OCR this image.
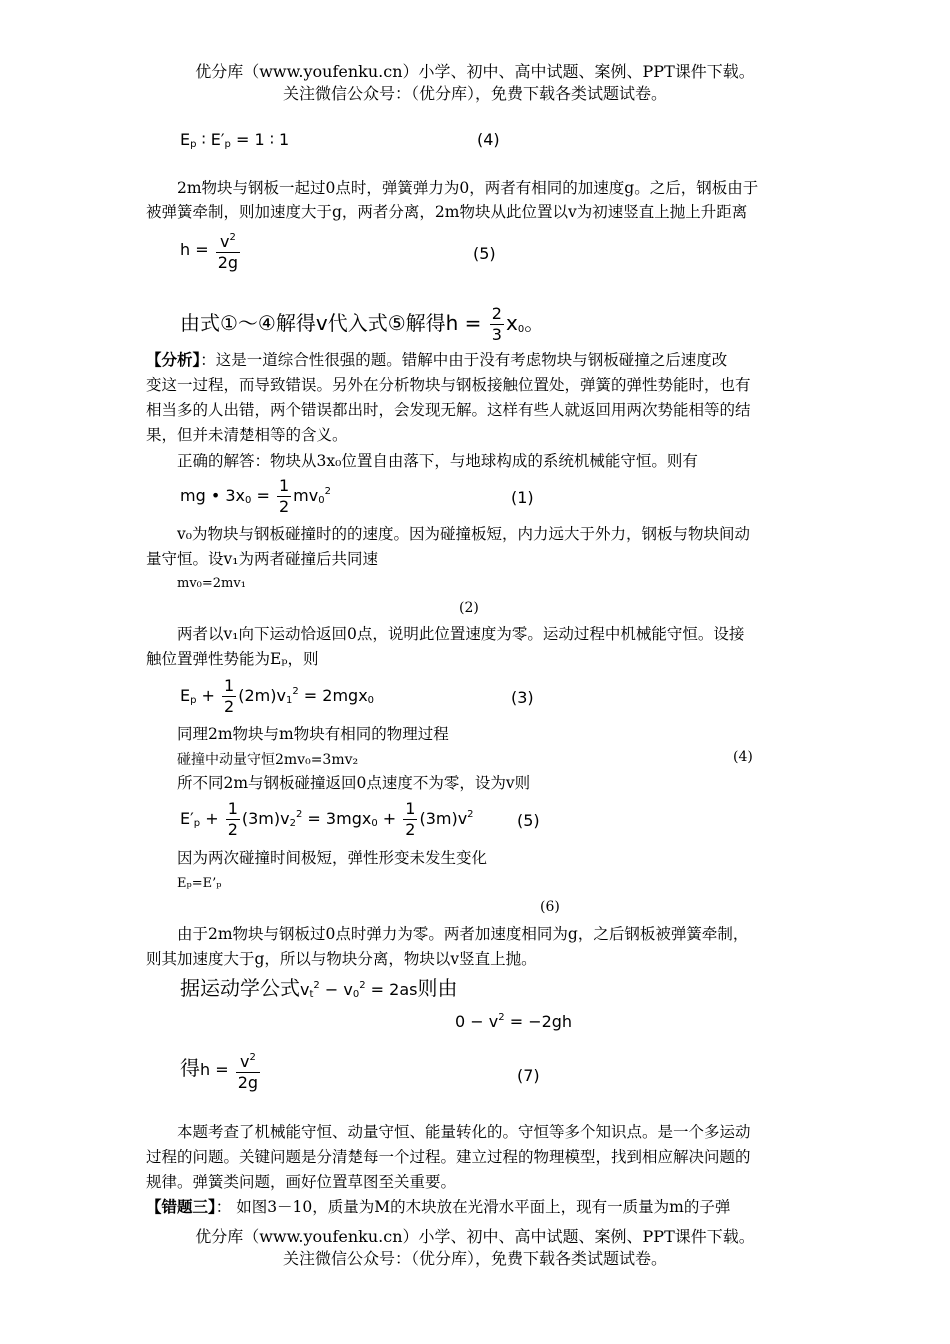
优分库（www.youfenku.cn）小学、初中、高中试题、案例、PPT课件下载。
关注微信公众号：（优分库），免费下载各类试题试卷。
$E_p$ ∶ $E'_p = 1$ ∶ 1	(4)
2m物块与钢板一起过0点时，弹簧弹力为0，两者有相同的加速度g。之后，钢板由于
被弹簧牵制，则加速度大于g，两者分离，2m物块从此位置以v为初速竖直上抛上升距离
$h = \frac{v^2}{2g}$	(5)
由式①～④解得v代入式⑤解得$h = \frac{2}{3} x_0$。
【分析】：这是一道综合性很强的题。错解中由于没有考虑物块与钢板碰撞之后速度改
变这一过程，而导致错误。另外在分析物块与钢板接触位置处，弹簧的弹性势能时，也有
相当多的人出错，两个错误都出时，会发现无解。这样有些人就返回用两次势能相等的结
果，但并未清楚相等的含义。
正确的解答：物块从3x₀位置自由落下，与地球构成的系统机械能守恒。则有
mg • $3x_0 = \frac{1}{2} mv_0^2$	(1)
v₀为物块与钢板碰撞时的的速度。因为碰撞板短，内力远大于外力，钢板与物块间动
量守恒。设v₁为两者碰撞后共同速
mv₀=2mv₁
(2)
两者以v₁向下运动恰返回0点，说明此位置速度为零。运动过程中机械能守恒。设接
触位置弹性势能为Eₚ，则
$E_p + \frac{1}{2} (2m)v_1^2 = 2mgx_0$	(3)
同理2m物块与m物块有相同的物理过程
碰撞中动量守恒2mv₀=3mv₂	(4)
所不同2m与钢板碰撞返回0点速度不为零，设为v则
$E'_p + \frac{1}{2} (3m)v_2^2 = 3mgx_0 + \frac{1}{2} (3m)v^2$	(5)
因为两次碰撞时间极短，弹性形变未发生变化
Eₚ=E’ₚ
(6)
由于2m物块与钢板过0点时弹力为零。两者加速度相同为g，之后钢板被弹簧牵制，
则其加速度大于g，所以与物块分离，物块以v竖直上抛。
据运动学公式$v_t^2 - v_0^2 = 2as$则由
$0 - v^2 = -2gh$
得$h = \frac{v^2}{2g}$	(7)
本题考查了机械能守恒、动量守恒、能量转化的。守恒等多个知识点。是一个多运动
过程的问题。关键问题是分清楚每一个过程。建立过程的物理模型，找到相应解决问题的
规律。弹簧类问题，画好位置草图至关重要。
【错题三】： 如图3－10，质量为M的木块放在光滑水平面上，现有一质量为m的子弹
优分库（www.youfenku.cn）小学、初中、高中试题、案例、PPT课件下载。
关注微信公众号：（优分库），免费下载各类试题试卷。
